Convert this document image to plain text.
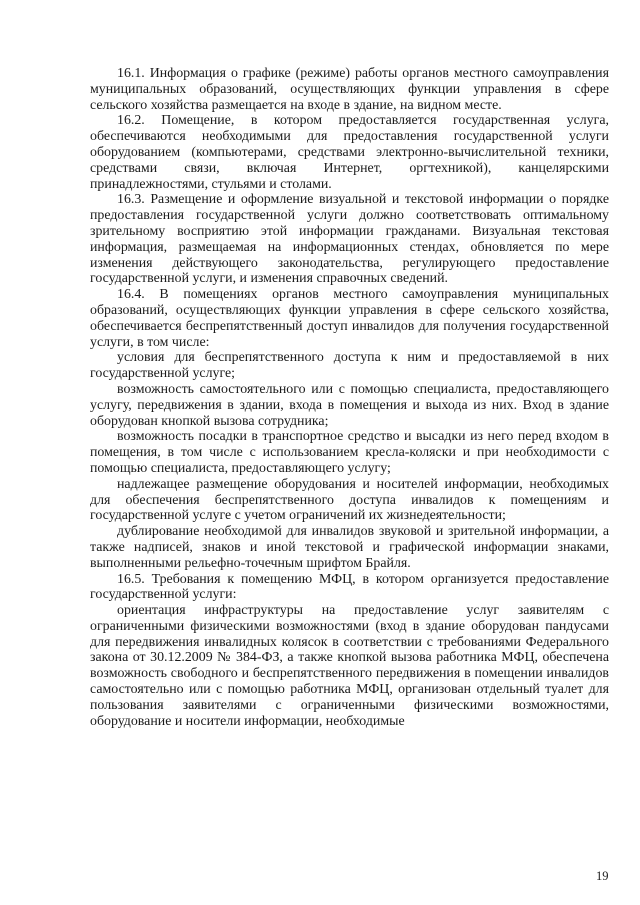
16.1. Информация о графике (режиме) работы органов местного самоуправления муниципальных образований, осуществляющих функции управления в сфере сельского хозяйства размещается на входе в здание, на видном месте.

16.2. Помещение, в котором предоставляется государственная услуга, обеспечиваются необходимыми для предоставления государственной услуги оборудованием (компьютерами, средствами электронно-вычислительной техники, средствами связи, включая Интернет, оргтехникой), канцелярскими принадлежностями, стульями и столами.

16.3. Размещение и оформление визуальной и текстовой информации о порядке предоставления государственной услуги должно соответствовать оптимальному зрительному восприятию этой информации гражданами. Визуальная текстовая информация, размещаемая на информационных стендах, обновляется по мере изменения действующего законодательства, регулирующего предоставление государственной услуги, и изменения справочных сведений.

16.4. В помещениях органов местного самоуправления муниципальных образований, осуществляющих функции управления в сфере сельского хозяйства, обеспечивается беспрепятственный доступ инвалидов для получения государственной услуги, в том числе:

условия для беспрепятственного доступа к ним и предоставляемой в них государственной услуге;

возможность самостоятельного или с помощью специалиста, предоставляющего услугу, передвижения в здании, входа в помещения и выхода из них. Вход в здание оборудован кнопкой вызова сотрудника;

возможность посадки в транспортное средство и высадки из него перед входом в помещения, в том числе с использованием кресла-коляски и при необходимости с помощью специалиста, предоставляющего услугу;

надлежащее размещение оборудования и носителей информации, необходимых для обеспечения беспрепятственного доступа инвалидов к помещениям и государственной услуге с учетом ограничений их жизнедеятельности;

дублирование необходимой для инвалидов звуковой и зрительной информации, а также надписей, знаков и иной текстовой и графической информации знаками, выполненными рельефно-точечным шрифтом Брайля.

16.5. Требования к помещению МФЦ, в котором организуется предоставление государственной услуги:

ориентация инфраструктуры на предоставление услуг заявителям с ограниченными физическими возможностями (вход в здание оборудован пандусами для передвижения инвалидных колясок в соответствии с требованиями Федерального закона от 30.12.2009 № 384-ФЗ, а также кнопкой вызова работника МФЦ, обеспечена возможность свободного и беспрепятственного передвижения в помещении инвалидов самостоятельно или с помощью работника МФЦ, организован отдельный туалет для пользования заявителями с ограниченными физическими возможностями, оборудование и носители информации, необходимые

19
